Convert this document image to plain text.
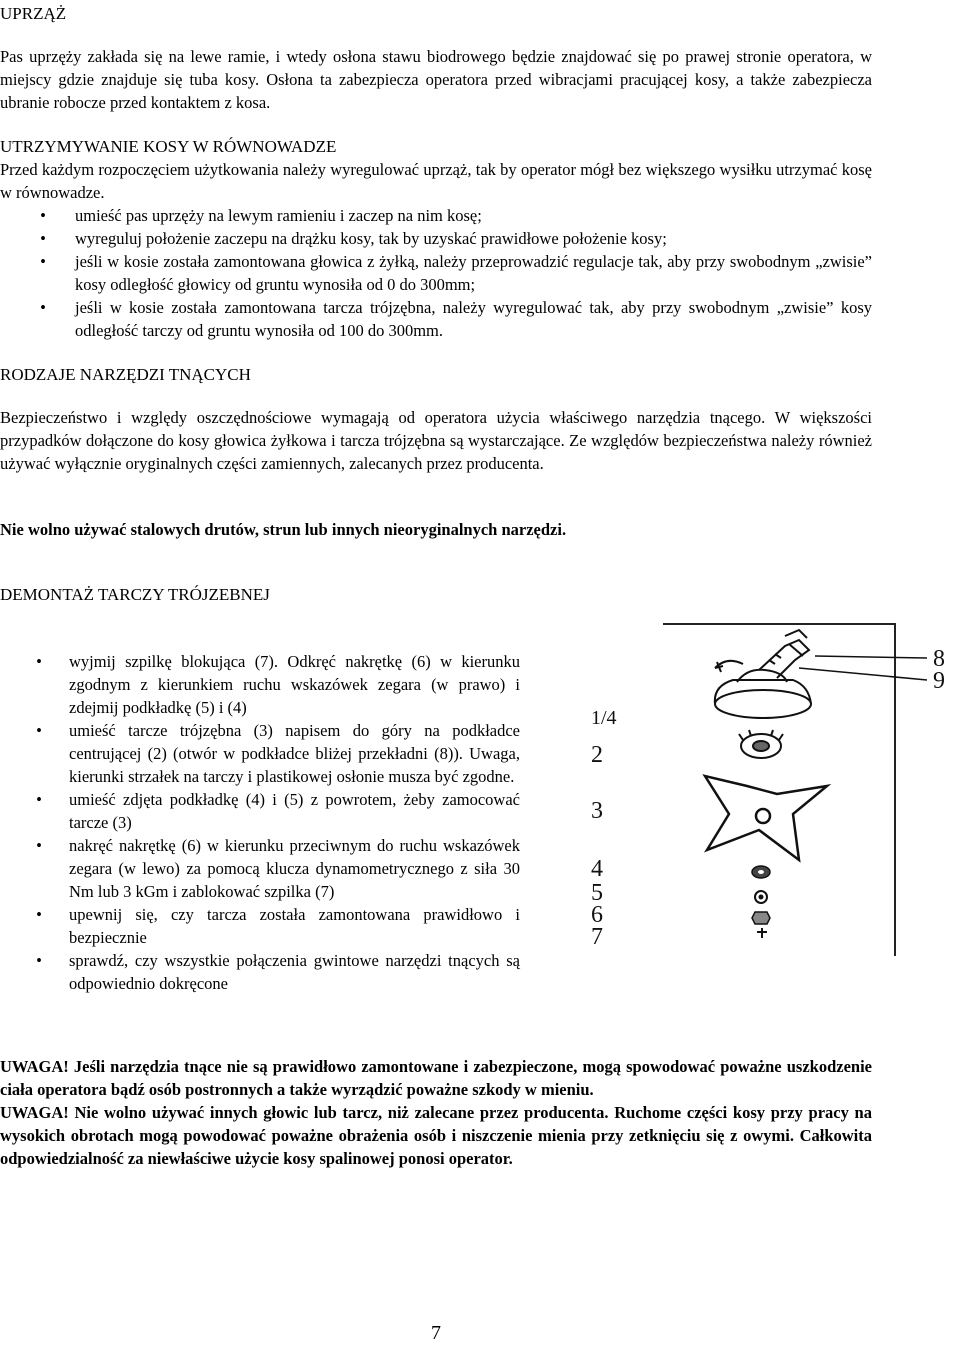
UPRZĄŻ

Pas uprzęży zakłada się na lewe ramie, i wtedy osłona stawu biodrowego będzie znajdować się po prawej stronie operatora, w miejscy gdzie znajduje się tuba kosy. Osłona ta zabezpiecza operatora przed wibracjami pracującej kosy, a także zabezpiecza ubranie robocze przed kontaktem z kosa.

UTRZYMYWANIE KOSY W RÓWNOWADZE

Przed każdym rozpoczęciem użytkowania należy wyregulować uprząż, tak by operator mógł bez większego wysiłku utrzymać kosę w równowadze.

• umieść pas uprzęży na lewym ramieniu i zaczep na nim kosę;
• wyreguluj położenie zaczepu na drążku kosy, tak by uzyskać prawidłowe położenie kosy;
• jeśli w kosie została zamontowana głowica z żyłką, należy przeprowadzić regulacje tak, aby przy swobodnym „zwisie” kosy odległość głowicy od gruntu wynosiła od 0 do 300mm;
• jeśli w kosie została zamontowana tarcza trójzębna, należy wyregulować tak, aby przy swobodnym „zwisie” kosy odległość tarczy od gruntu wynosiła od 100 do 300mm.

RODZAJE NARZĘDZI TNĄCYCH

Bezpieczeństwo i względy oszczędnościowe wymagają od operatora użycia właściwego narzędzia tnącego. W większości przypadków dołączone do kosy głowica żyłkowa i tarcza trójzębna są wystarczające. Ze względów bezpieczeństwa należy również używać wyłącznie oryginalnych części zamiennych, zalecanych przez producenta.

Nie wolno używać stalowych drutów, strun lub innych nieoryginalnych narzędzi.

DEMONTAŻ TARCZY TRÓJZEBNEJ

• wyjmij szpilkę blokująca (7). Odkręć nakrętkę (6) w kierunku zgodnym z kierunkiem ruchu wskazówek zegara (w prawo) i zdejmij podkładkę (5) i (4)
• umieść tarcze trójzębna (3) napisem do góry na podkładce centrującej (2) (otwór w podkładce bliżej przekładni (8)). Uwaga, kierunki strzałek na tarczy i plastikowej osłonie musza być zgodne.
• umieść zdjęta podkładkę (4) i (5) z powrotem, żeby zamocować tarcze (3)
• nakręć nakrętkę (6) w kierunku przeciwnym do ruchu wskazówek zegara (w lewo) za pomocą klucza dynamometrycznego z siła 30 Nm lub 3 kGm i zablokować szpilka (7)
• upewnij się, czy tarcza została zamontowana prawidłowo i bezpiecznie
• sprawdź, czy wszystkie połączenia gwintowe narzędzi tnących są odpowiednio dokręcone
8
9
1/4
2
3
4
5
6
7

UWAGA! Jeśli narzędzia tnące nie są prawidłowo zamontowane i zabezpieczone, mogą spowodować poważne uszkodzenie ciała operatora bądź osób postronnych a także wyrządzić poważne szkody w mieniu.

UWAGA! Nie wolno używać innych głowic lub tarcz, niż zalecane przez producenta. Ruchome części kosy przy pracy na wysokich obrotach mogą powodować poważne obrażenia osób i niszczenie mienia przy zetknięciu się z owymi. Całkowita odpowiedzialność za niewłaściwe użycie kosy spalinowej ponosi operator.

7
